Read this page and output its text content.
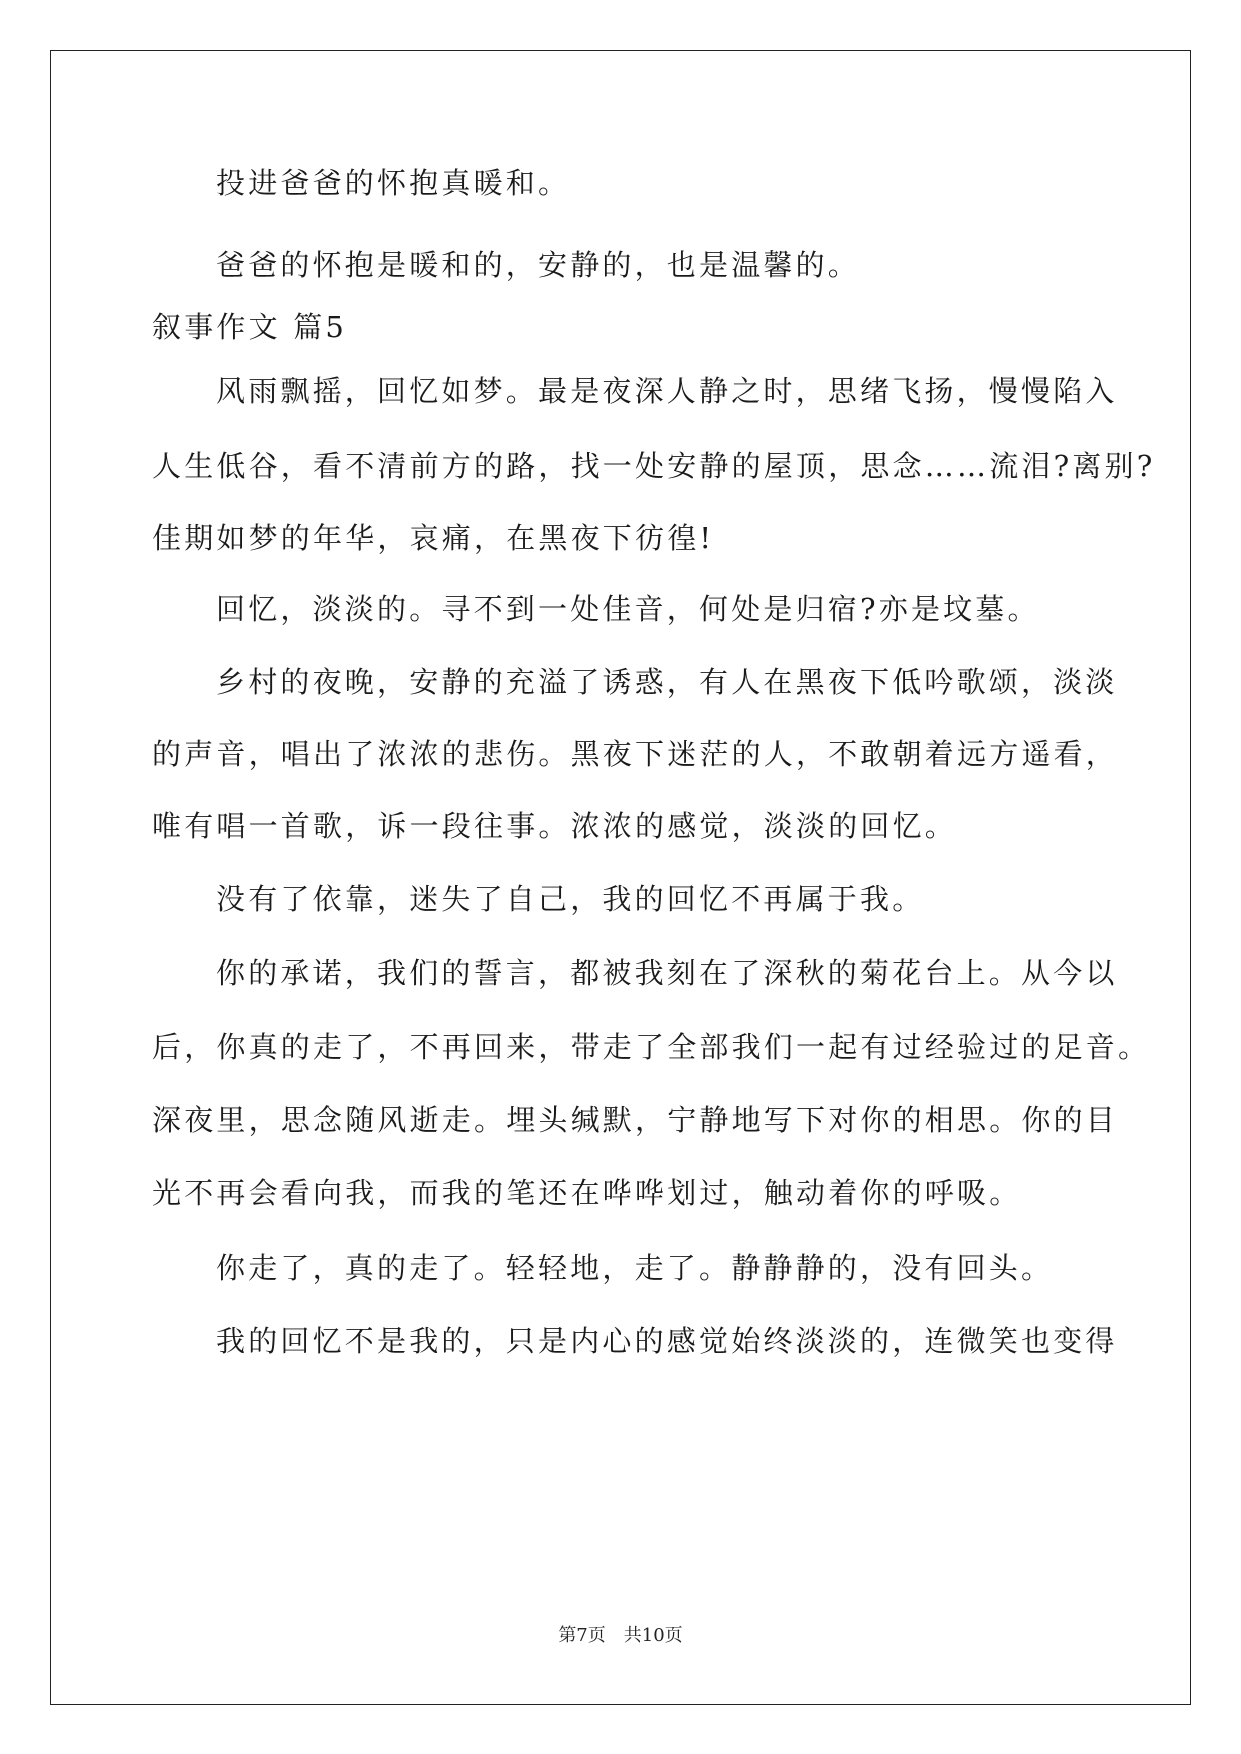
投进爸爸的怀抱真暖和。
爸爸的怀抱是暖和的，安静的，也是温馨的。
叙事作文 篇5
风雨飘摇，回忆如梦。最是夜深人静之时，思绪飞扬，慢慢陷入
人生低谷，看不清前方的路，找一处安静的屋顶，思念……流泪?离别?
佳期如梦的年华，哀痛，在黑夜下彷徨!
回忆，淡淡的。寻不到一处佳音，何处是归宿?亦是坟墓。
乡村的夜晚，安静的充溢了诱惑，有人在黑夜下低吟歌颂，淡淡
的声音，唱出了浓浓的悲伤。黑夜下迷茫的人，不敢朝着远方遥看，
唯有唱一首歌，诉一段往事。浓浓的感觉，淡淡的回忆。
没有了依靠，迷失了自己，我的回忆不再属于我。
你的承诺，我们的誓言，都被我刻在了深秋的菊花台上。从今以
后，你真的走了，不再回来，带走了全部我们一起有过经验过的足音。
深夜里，思念随风逝走。埋头缄默，宁静地写下对你的相思。你的目
光不再会看向我，而我的笔还在哗哗划过，触动着你的呼吸。
你走了，真的走了。轻轻地，走了。静静静的，没有回头。
我的回忆不是我的，只是内心的感觉始终淡淡的，连微笑也变得
第7页 共10页
